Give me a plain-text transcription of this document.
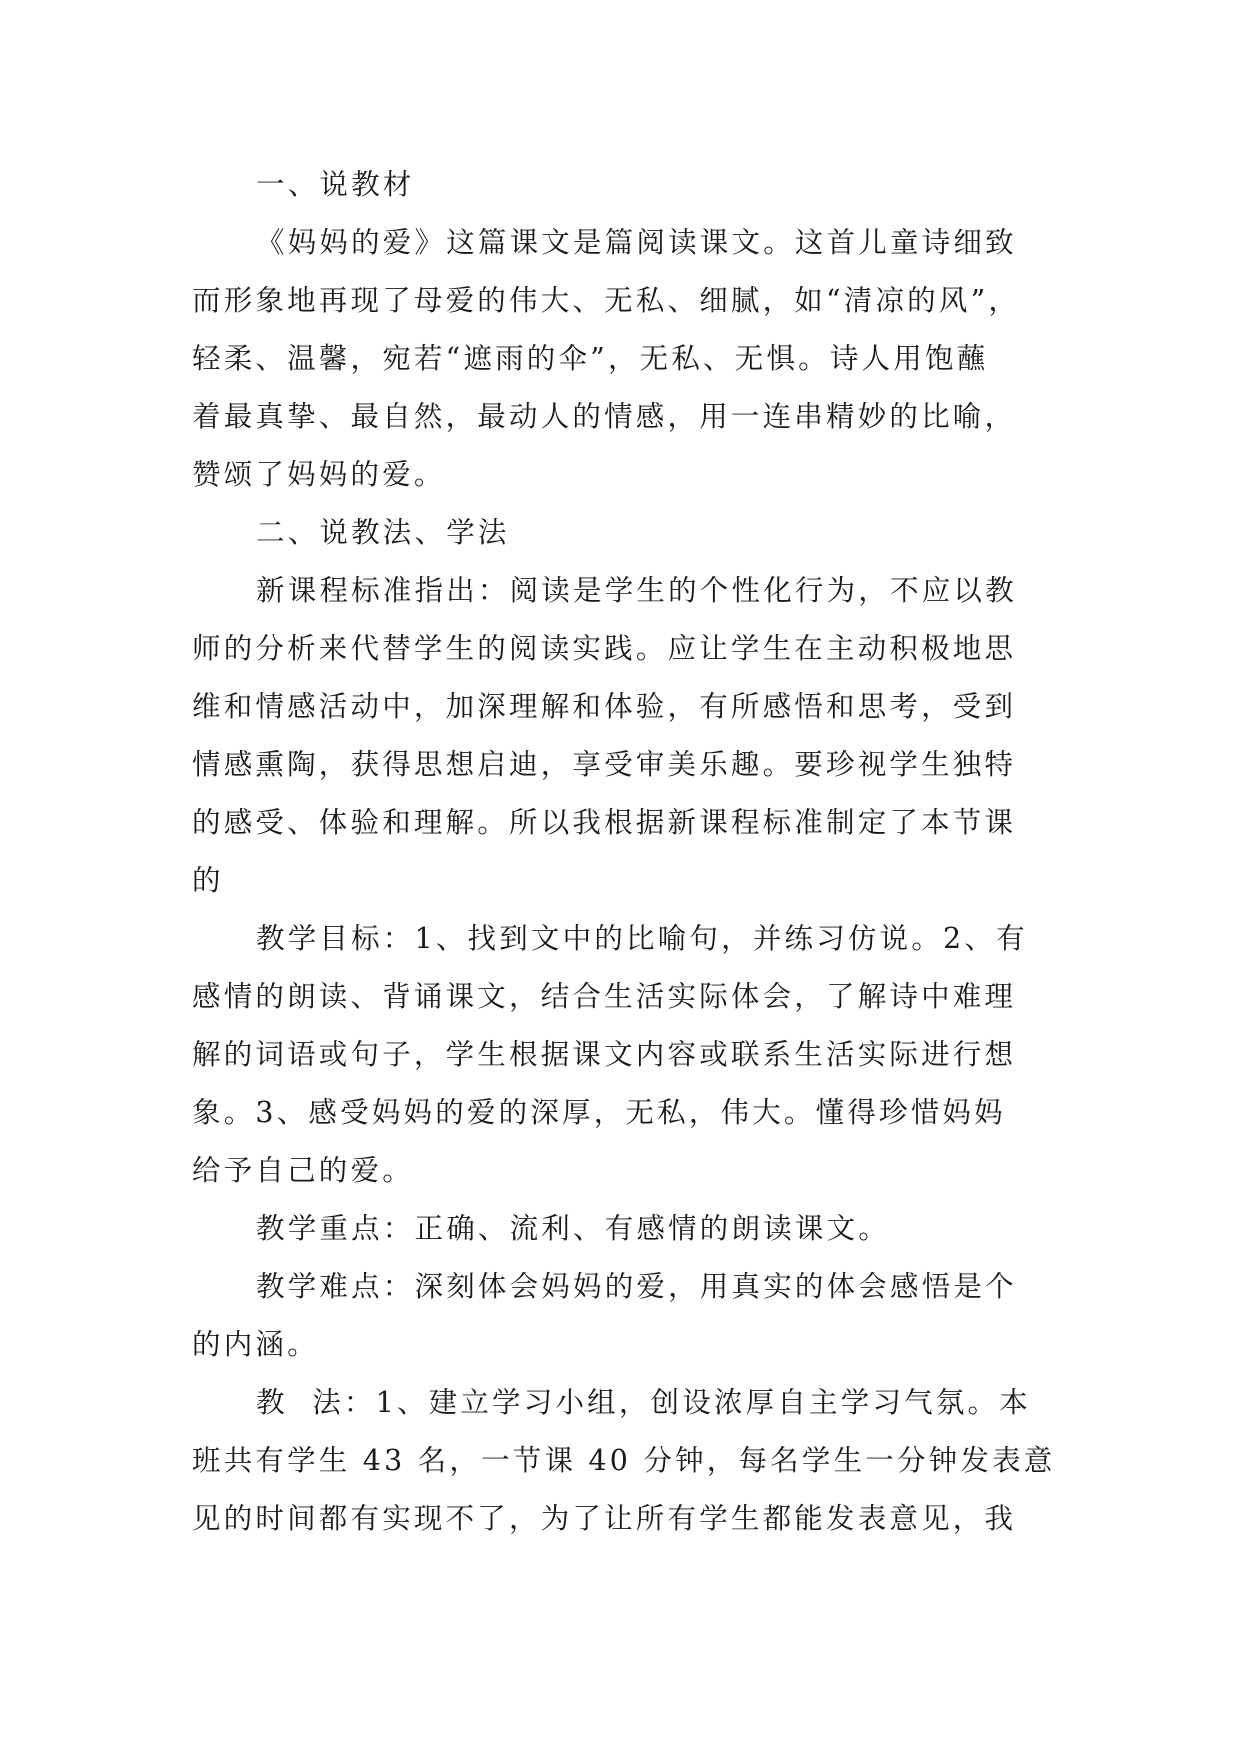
一、说教材
《妈妈的爱》这篇课文是篇阅读课文。这首儿童诗细致
而形象地再现了母爱的伟大、无私、细腻，如“清凉的风”，
轻柔、温馨，宛若“遮雨的伞”，无私、无惧。诗人用饱蘸
着最真挚、最自然，最动人的情感，用一连串精妙的比喻，
赞颂了妈妈的爱。
二、说教法、学法
新课程标准指出：阅读是学生的个性化行为，不应以教
师的分析来代替学生的阅读实践。应让学生在主动积极地思
维和情感活动中，加深理解和体验，有所感悟和思考，受到
情感熏陶，获得思想启迪，享受审美乐趣。要珍视学生独特
的感受、体验和理解。所以我根据新课程标准制定了本节课
的
教学目标：1、找到文中的比喻句，并练习仿说。2、有
感情的朗读、背诵课文，结合生活实际体会，了解诗中难理
解的词语或句子，学生根据课文内容或联系生活实际进行想
象。3、感受妈妈的爱的深厚，无私，伟大。懂得珍惜妈妈
给予自己的爱。
教学重点：正确、流利、有感情的朗读课文。
教学难点：深刻体会妈妈的爱，用真实的体会感悟是个
的内涵。
教  法：1、建立学习小组，创设浓厚自主学习气氛。本
班共有学生 43 名，一节课 40 分钟，每名学生一分钟发表意
见的时间都有实现不了，为了让所有学生都能发表意见，我
